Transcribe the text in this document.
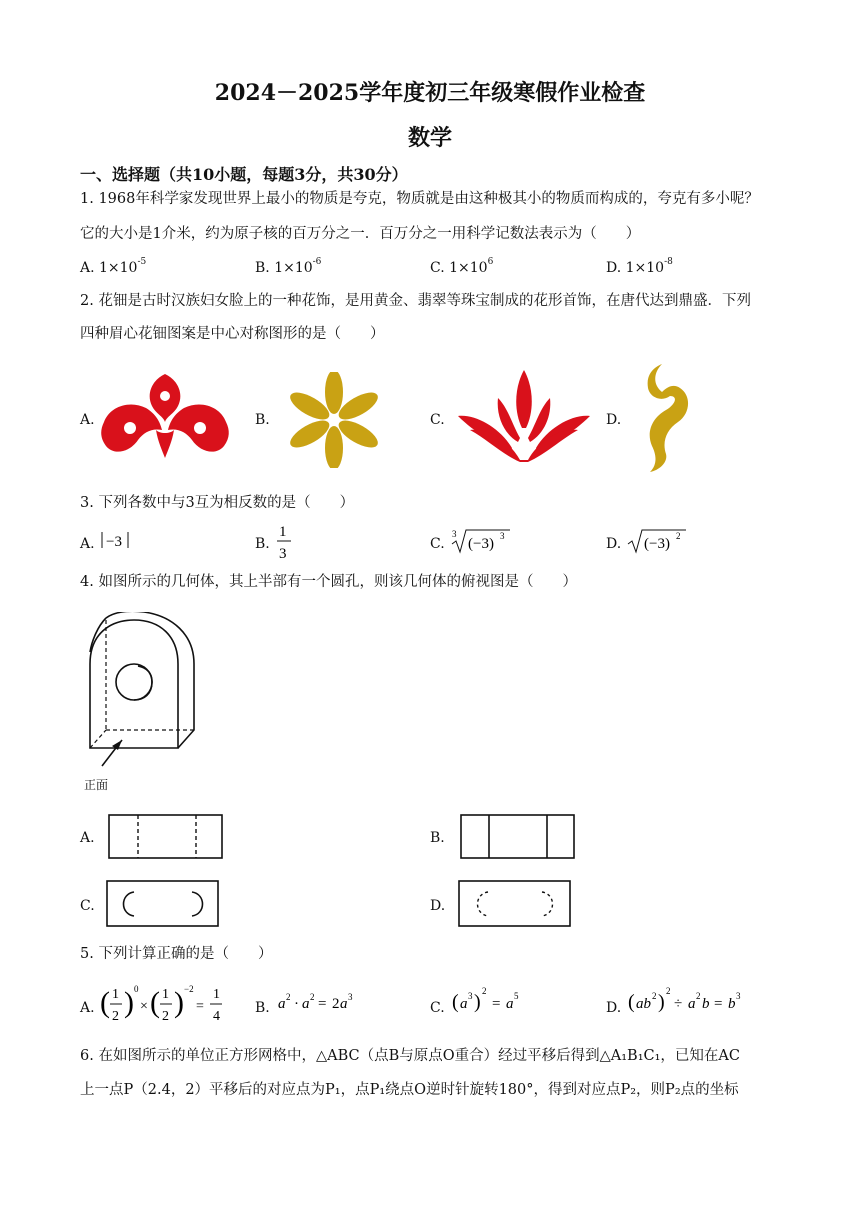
2024－2025学年度初三年级寒假作业检查
数学
一、选择题（共10小题，每题3分，共30分）
1. 1968年科学家发现世界上最小的物质是夸克，物质就是由这种极其小的物质而构成的，夸克有多小呢？
它的大小是1介米，约为原子核的百万分之一．百万分之一用科学记数法表示为（　　）
A. $1\times 10^{-5}$	B. $1\times 10^{-6}$	C. $1\times 10^6$	D. $1\times 10^{-8}$
2. 花钿是古时汉族妇女脸上的一种花饰，是用黄金、翡翠等珠宝制成的花形首饰，在唐代达到鼎盛．下列
四种眉心花钿图案是中心对称图形的是（　　）
A.	B.	C.	D.
3. 下列各数中与3互为相反数的是（　　）
A. −3	B.
1
3
C.
3
(−3) 3	D. (−3) 2
4. 如图所示的几何体，其上半部有一个圆孔，则该几何体的俯视图是（　　）
正面
A.	B.
C.	D.
5. 下列计算正确的是（　　）
A. ( 1
2 ) 0
× ( 1
2 ) −2
=
1
4
B. a 2 · a 2 = 2 a 3
C. ( a 3 ) 2
= a 5
D. ( ab 2 ) 2
÷ a 2 b = b 3
6. 在如图所示的单位正方形网格中，△ABC（点B与原点O重合）经过平移后得到△A₁B₁C₁，已知在AC
上一点P（2.4，2）平移后的对应点为P₁，点P₁绕点O逆时针旋转180°，得到对应点P₂，则P₂点的坐标
